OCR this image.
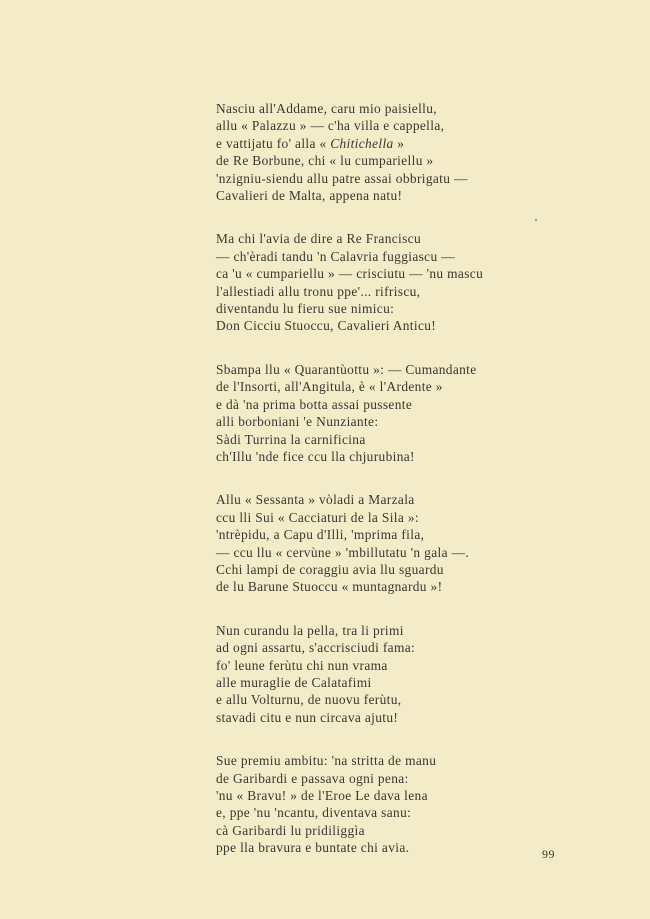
Nasciu all'Addame, caru mio paisiellu,
allu « Palazzu » — c'ha villa e cappella,
e vattijatu fo' alla « Chitichella »
de Re Borbune, chi « lu cumpariellu »
'nzigniu-siendu allu patre assai obbrigatu —
Cavalieri de Malta, appena natu!
Ma chi l'avia de dire a Re Franciscu
— ch'èradi tandu 'n Calavria fuggiascu —
ca 'u « cumpariellu » — crisciutu — 'nu mascu
l'allestiadi allu tronu ppe'... rifriscu,
diventandu lu fieru sue nimicu:
Don Cicciu Stuoccu, Cavalieri Anticu!
Sbampa llu « Quarantùottu »: — Cumandante
de l'Insorti, all'Angitula, è « l'Ardente »
e dà 'na prima botta assai pussente
alli borboniani 'e Nunziante:
Sàdi Turrina la carnificina
ch'Illu 'nde fice ccu lla chjurubina!
Allu « Sessanta » vòladi a Marzala
ccu lli Sui « Cacciaturi de la Sila »:
'ntrèpidu, a Capu d'Illi, 'mprima fila,
— ccu llu « cervùne » 'mbillutatu 'n gala —.
Cchi lampi de coraggiu avia llu sguardu
de lu Barune Stuoccu « muntagnardu »!
Nun curandu la pella, tra li primi
ad ogni assartu, s'accrisciudi fama:
fo' leune ferùtu chi nun vrama
alle muraglie de Calatafimi
e allu Volturnu, de nuovu ferùtu,
stavadi citu e nun circava ajutu!
Sue premiu ambitu: 'na stritta de manu
de Garibardi e passava ogni pena:
'nu « Bravu! » de l'Eroe Le dava lena
e, ppe 'nu 'ncantu, diventava sanu:
cà Garibardi lu pridiliggìa
ppe lla bravura e buntate chi avia.	99
